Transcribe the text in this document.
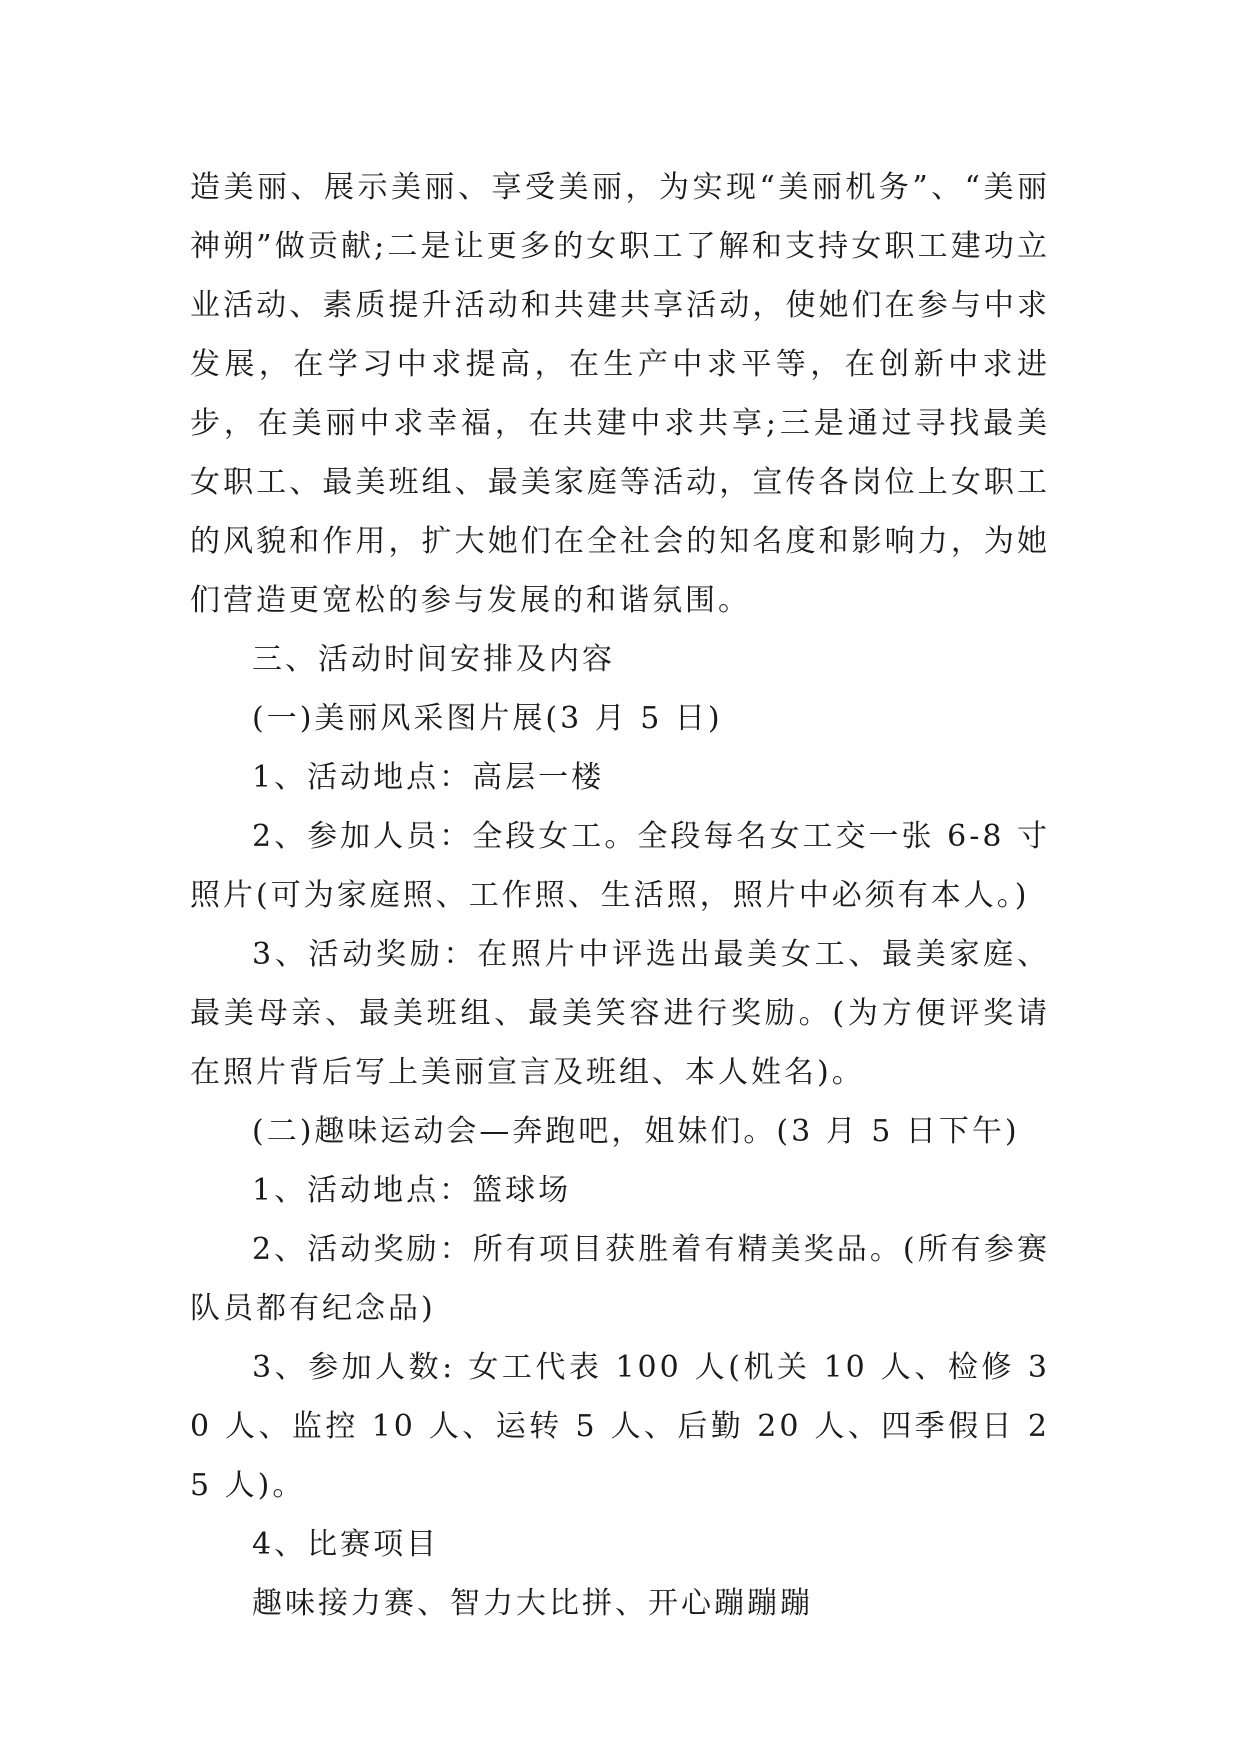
造美丽、展示美丽、享受美丽，为实现“美丽机务”、“美丽神朔”做贡献;二是让更多的女职工了解和支持女职工建功立业活动、素质提升活动和共建共享活动，使她们在参与中求发展，在学习中求提高，在生产中求平等，在创新中求进步，在美丽中求幸福，在共建中求共享;三是通过寻找最美女职工、最美班组、最美家庭等活动，宣传各岗位上女职工的风貌和作用，扩大她们在全社会的知名度和影响力，为她们营造更宽松的参与发展的和谐氛围。

三、活动时间安排及内容

(一)美丽风采图片展(3 月 5 日)

1、活动地点：高层一楼

2、参加人员：全段女工。全段每名女工交一张 6-8 寸照片(可为家庭照、工作照、生活照，照片中必须有本人。)

3、活动奖励：在照片中评选出最美女工、最美家庭、最美母亲、最美班组、最美笑容进行奖励。(为方便评奖请在照片背后写上美丽宣言及班组、本人姓名)。

(二)趣味运动会—奔跑吧，姐妹们。(3 月 5 日下午)

1、活动地点：篮球场

2、活动奖励：所有项目获胜着有精美奖品。(所有参赛队员都有纪念品)

3、参加人数: 女工代表 100 人(机关 10 人、检修 30 人、监控 10 人、运转 5 人、后勤 20 人、四季假日 25 人)。

4、比赛项目

趣味接力赛、智力大比拼、开心蹦蹦蹦
